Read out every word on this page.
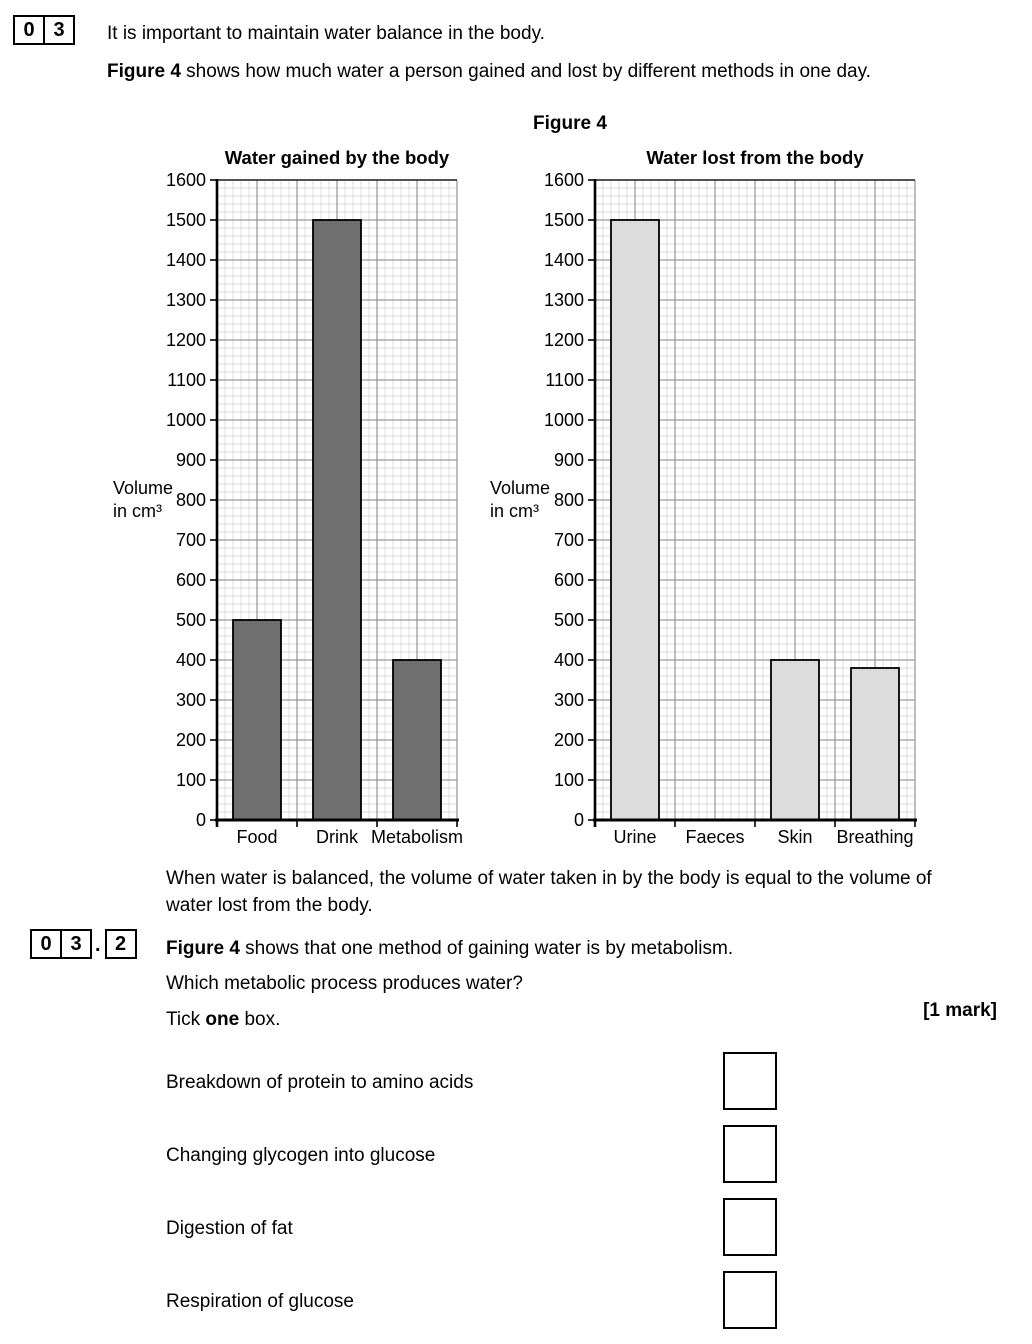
0 3	It is important to maintain water balance in the body.
Figure 4 shows how much water a person gained and lost by different methods in one day.
Figure 4
Water gained by the body
0
100
200
300
400
500
600
700
800
900
1000
1100
1200
1300
1400
1500
1600
Volume
in cm³
Food Drink Metabolism
Water lost from the body
0
100
200
300
400
500
600
700
800
900
1000
1100
1200
1300
1400
1500
1600
Volume
in cm³
Urine Faeces Skin Breathing
When water is balanced, the volume of water taken in by the body is equal to the volume of water lost from the body.
0 3 . 2	Figure 4 shows that one method of gaining water is by metabolism.
Which metabolic process produces water?
Tick one box.	[1 mark]
Breakdown of protein to amino acids
Changing glycogen into glucose
Digestion of fat
Respiration of glucose
